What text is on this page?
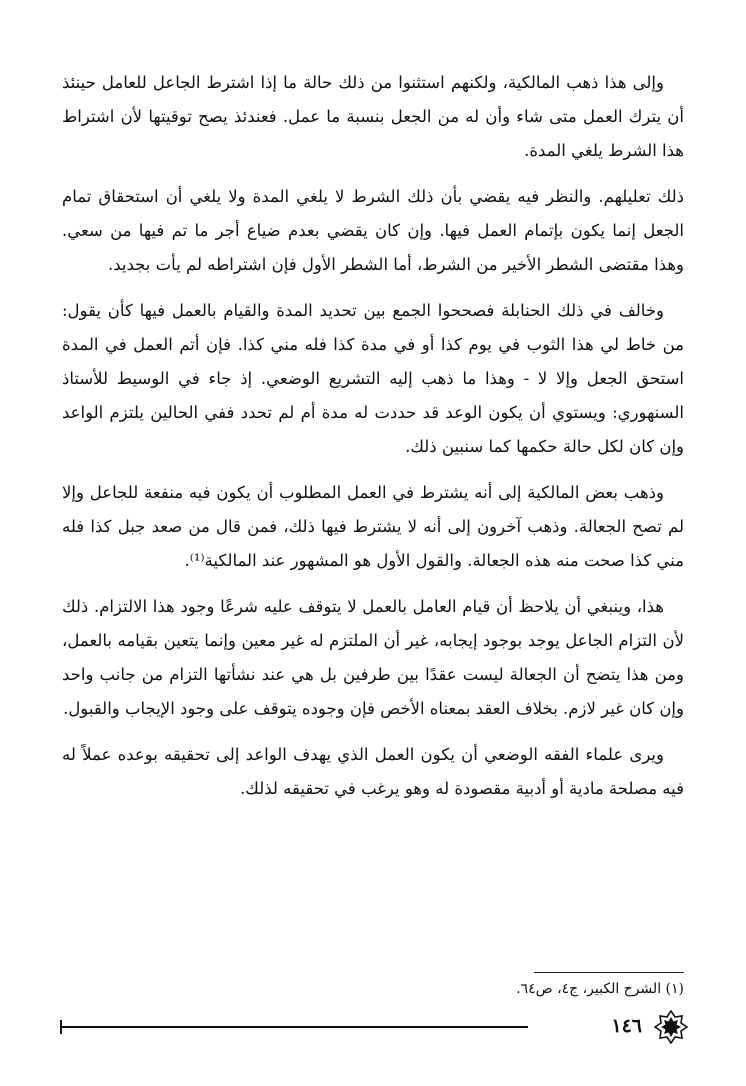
وإلى هذا ذهب المالكية، ولكنهم استثنوا من ذلك حالة ما إذا اشترط الجاعل للعامل حينئذ أن يترك العمل متى شاء وأن له من الجعل بنسبة ما عمل. فعندئذ يصح توقيتها لأن اشتراط هذا الشرط يلغي المدة.

ذلك تعليلهم. والنظر فيه يقضي بأن ذلك الشرط لا يلغي المدة ولا يلغي أن استحقاق تمام الجعل إنما يكون بإتمام العمل فيها. وإن كان يقضي بعدم ضياع أجر ما تم فيها من سعي. وهذا مقتضى الشطر الأخير من الشرط، أما الشطر الأول فإن اشتراطه لم يأت بجديد.

وخالف في ذلك الحنابلة فصححوا الجمع بين تحديد المدة والقيام بالعمل فيها كأن يقول: من خاط لي هذا الثوب في يوم كذا أو في مدة كذا فله مني كذا. فإن أتم العمل في المدة استحق الجعل وإلا لا - وهذا ما ذهب إليه التشريع الوضعي. إذ جاء في الوسيط للأستاذ السنهوري: ويستوي أن يكون الوعد قد حددت له مدة أم لم تحدد ففي الحالين يلتزم الواعد وإن كان لكل حالة حكمها كما سنبين ذلك.

وذهب بعض المالكية إلى أنه يشترط في العمل المطلوب أن يكون فيه منفعة للجاعل وإلا لم تصح الجعالة. وذهب آخرون إلى أنه لا يشترط فيها ذلك، فمن قال من صعد جبل كذا فله مني كذا صحت منه هذه الجعالة. والقول الأول هو المشهور عند المالكية⁽¹⁾.

هذا، وينبغي أن يلاحظ أن قيام العامل بالعمل لا يتوقف عليه شرعًا وجود هذا الالتزام. ذلك لأن التزام الجاعل يوجد بوجود إيجابه، غير أن الملتزم له غير معين وإنما يتعين بقيامه بالعمل، ومن هذا يتضح أن الجعالة ليست عقدًا بين طرفين بل هي عند نشأتها التزام من جانب واحد وإن كان غير لازم. بخلاف العقد بمعناه الأخص فإن وجوده يتوقف على وجود الإيجاب والقبول.

ويرى علماء الفقه الوضعي أن يكون العمل الذي يهدف الواعد إلى تحقيقه بوعده عملاً له فيه مصلحة مادية أو أدبية مقصودة له وهو يرغب في تحقيقه لذلك.

(١) الشرح الكبير، ج٤، ص٦٤.
١٤٦
